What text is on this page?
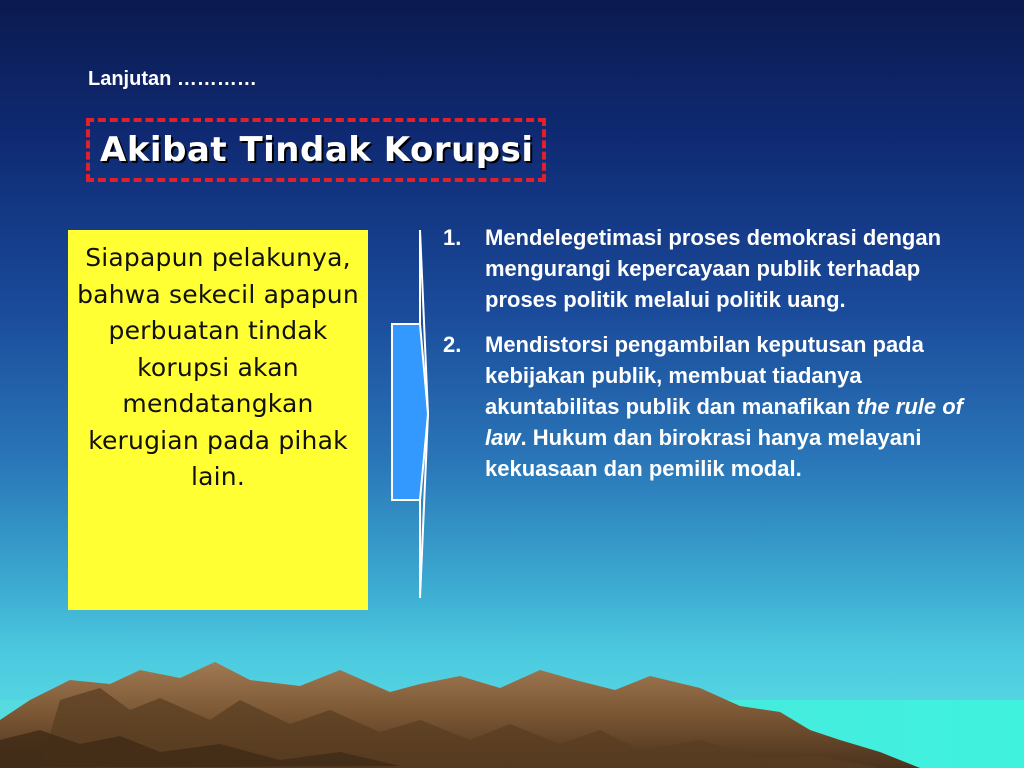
Lanjutan …………
Akibat Tindak Korupsi
Siapapun pelakunya, bahwa sekecil apapun perbuatan tindak korupsi akan mendatangkan kerugian pada pihak lain.
1.	Mendelegetimasi proses demokrasi dengan mengurangi kepercayaan publik terhadap proses politik melalui politik uang.
2.	Mendistorsi pengambilan keputusan pada kebijakan publik, membuat tiadanya akuntabilitas publik dan manafikan the rule of law. Hukum dan birokrasi hanya melayani kekuasaan dan pemilik modal.
